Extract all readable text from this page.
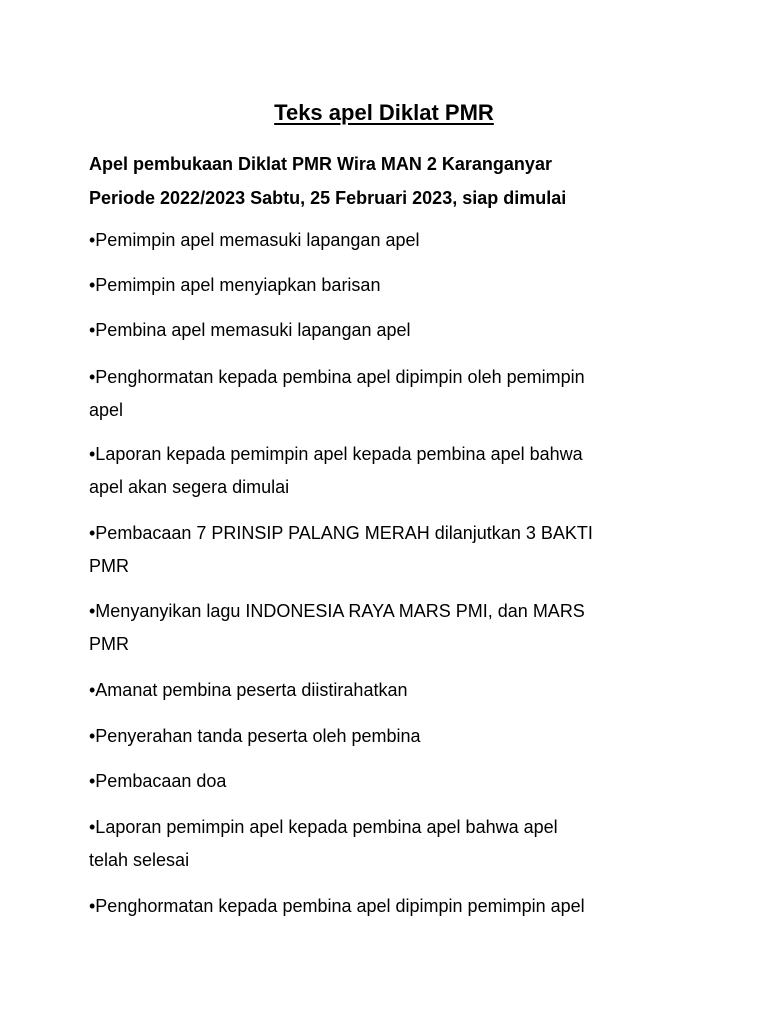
Teks apel Diklat PMR
Apel pembukaan Diklat PMR Wira MAN 2 Karanganyar
Periode 2022/2023 Sabtu, 25 Februari 2023, siap dimulai
•Pemimpin apel memasuki lapangan apel
•Pemimpin apel menyiapkan barisan
•Pembina apel memasuki lapangan apel
•Penghormatan kepada pembina apel dipimpin oleh pemimpin
apel
•Laporan kepada pemimpin apel kepada pembina apel bahwa
apel akan segera dimulai
•Pembacaan 7 PRINSIP PALANG MERAH dilanjutkan 3 BAKTI
PMR
•Menyanyikan lagu INDONESIA RAYA MARS PMI, dan MARS
PMR
•Amanat pembina peserta diistirahatkan
•Penyerahan tanda peserta oleh pembina
•Pembacaan doa
•Laporan pemimpin apel kepada pembina apel bahwa apel
telah selesai
•Penghormatan kepada pembina apel dipimpin pemimpin apel
